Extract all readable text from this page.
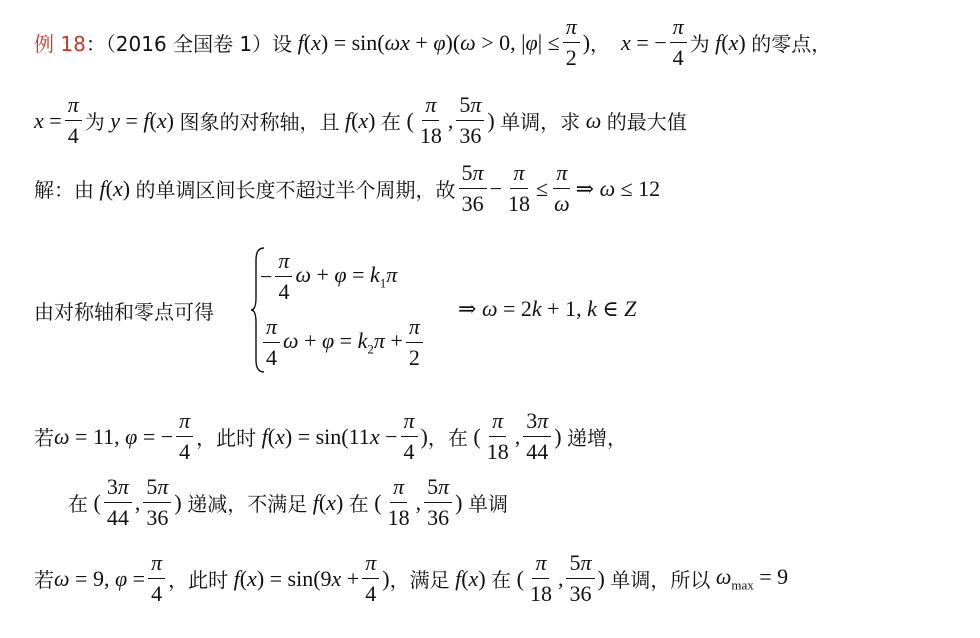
例 18 ：（2016 全国卷 1）设 f(x) = sin(ωx + φ)(ω > 0, $|\varphi| \le \frac{\pi}{2}$ ) ， x = − $\frac{\pi}{4}$ 为 f(x) 的零点，
$x = \frac{\pi}{4}$ 为 y = f(x) 图象的对称轴，且 f(x) 在 ( $\frac{\pi}{18}$ , $\frac{5\pi}{36}$ ) 单调，求 ω 的最大值
解：由 f(x) 的单调区间长度不超过半个周期，故 $\frac{5\pi}{36} - \frac{\pi}{18} \le \frac{\pi}{\omega}$ ⇒ ω ≤ 12
由对称轴和零点可得
− $\frac{\pi}{4}$ $\omega + \varphi = k_1\pi$
$\frac{\pi}{4}$ $\omega + \varphi = k_2\pi + \frac{\pi}{2}$
⇒ ω = 2k + 1, k ∈ Z
若 ω = 11, φ = − $\frac{\pi}{4}$ ，此时 $f(x) = \sin(11x - \frac{\pi}{4}$ ) ，在 ( $\frac{\pi}{18}$ , $\frac{3\pi}{44}$ ) 递增，
在 ( $\frac{3\pi}{44}$ , $\frac{5\pi}{36}$ ) 递减，不满足 f(x) 在 ( $\frac{\pi}{18}$ , $\frac{5\pi}{36}$ ) 单调
若 ω = 9, $\varphi = \frac{\pi}{4}$ ，此时 $f(x) = \sin(9x + \frac{\pi}{4}$ ) ，满足 f(x) 在 ( $\frac{\pi}{18}$ , $\frac{5\pi}{36}$ ) 单调，所以 $\omega_{max} = 9$
